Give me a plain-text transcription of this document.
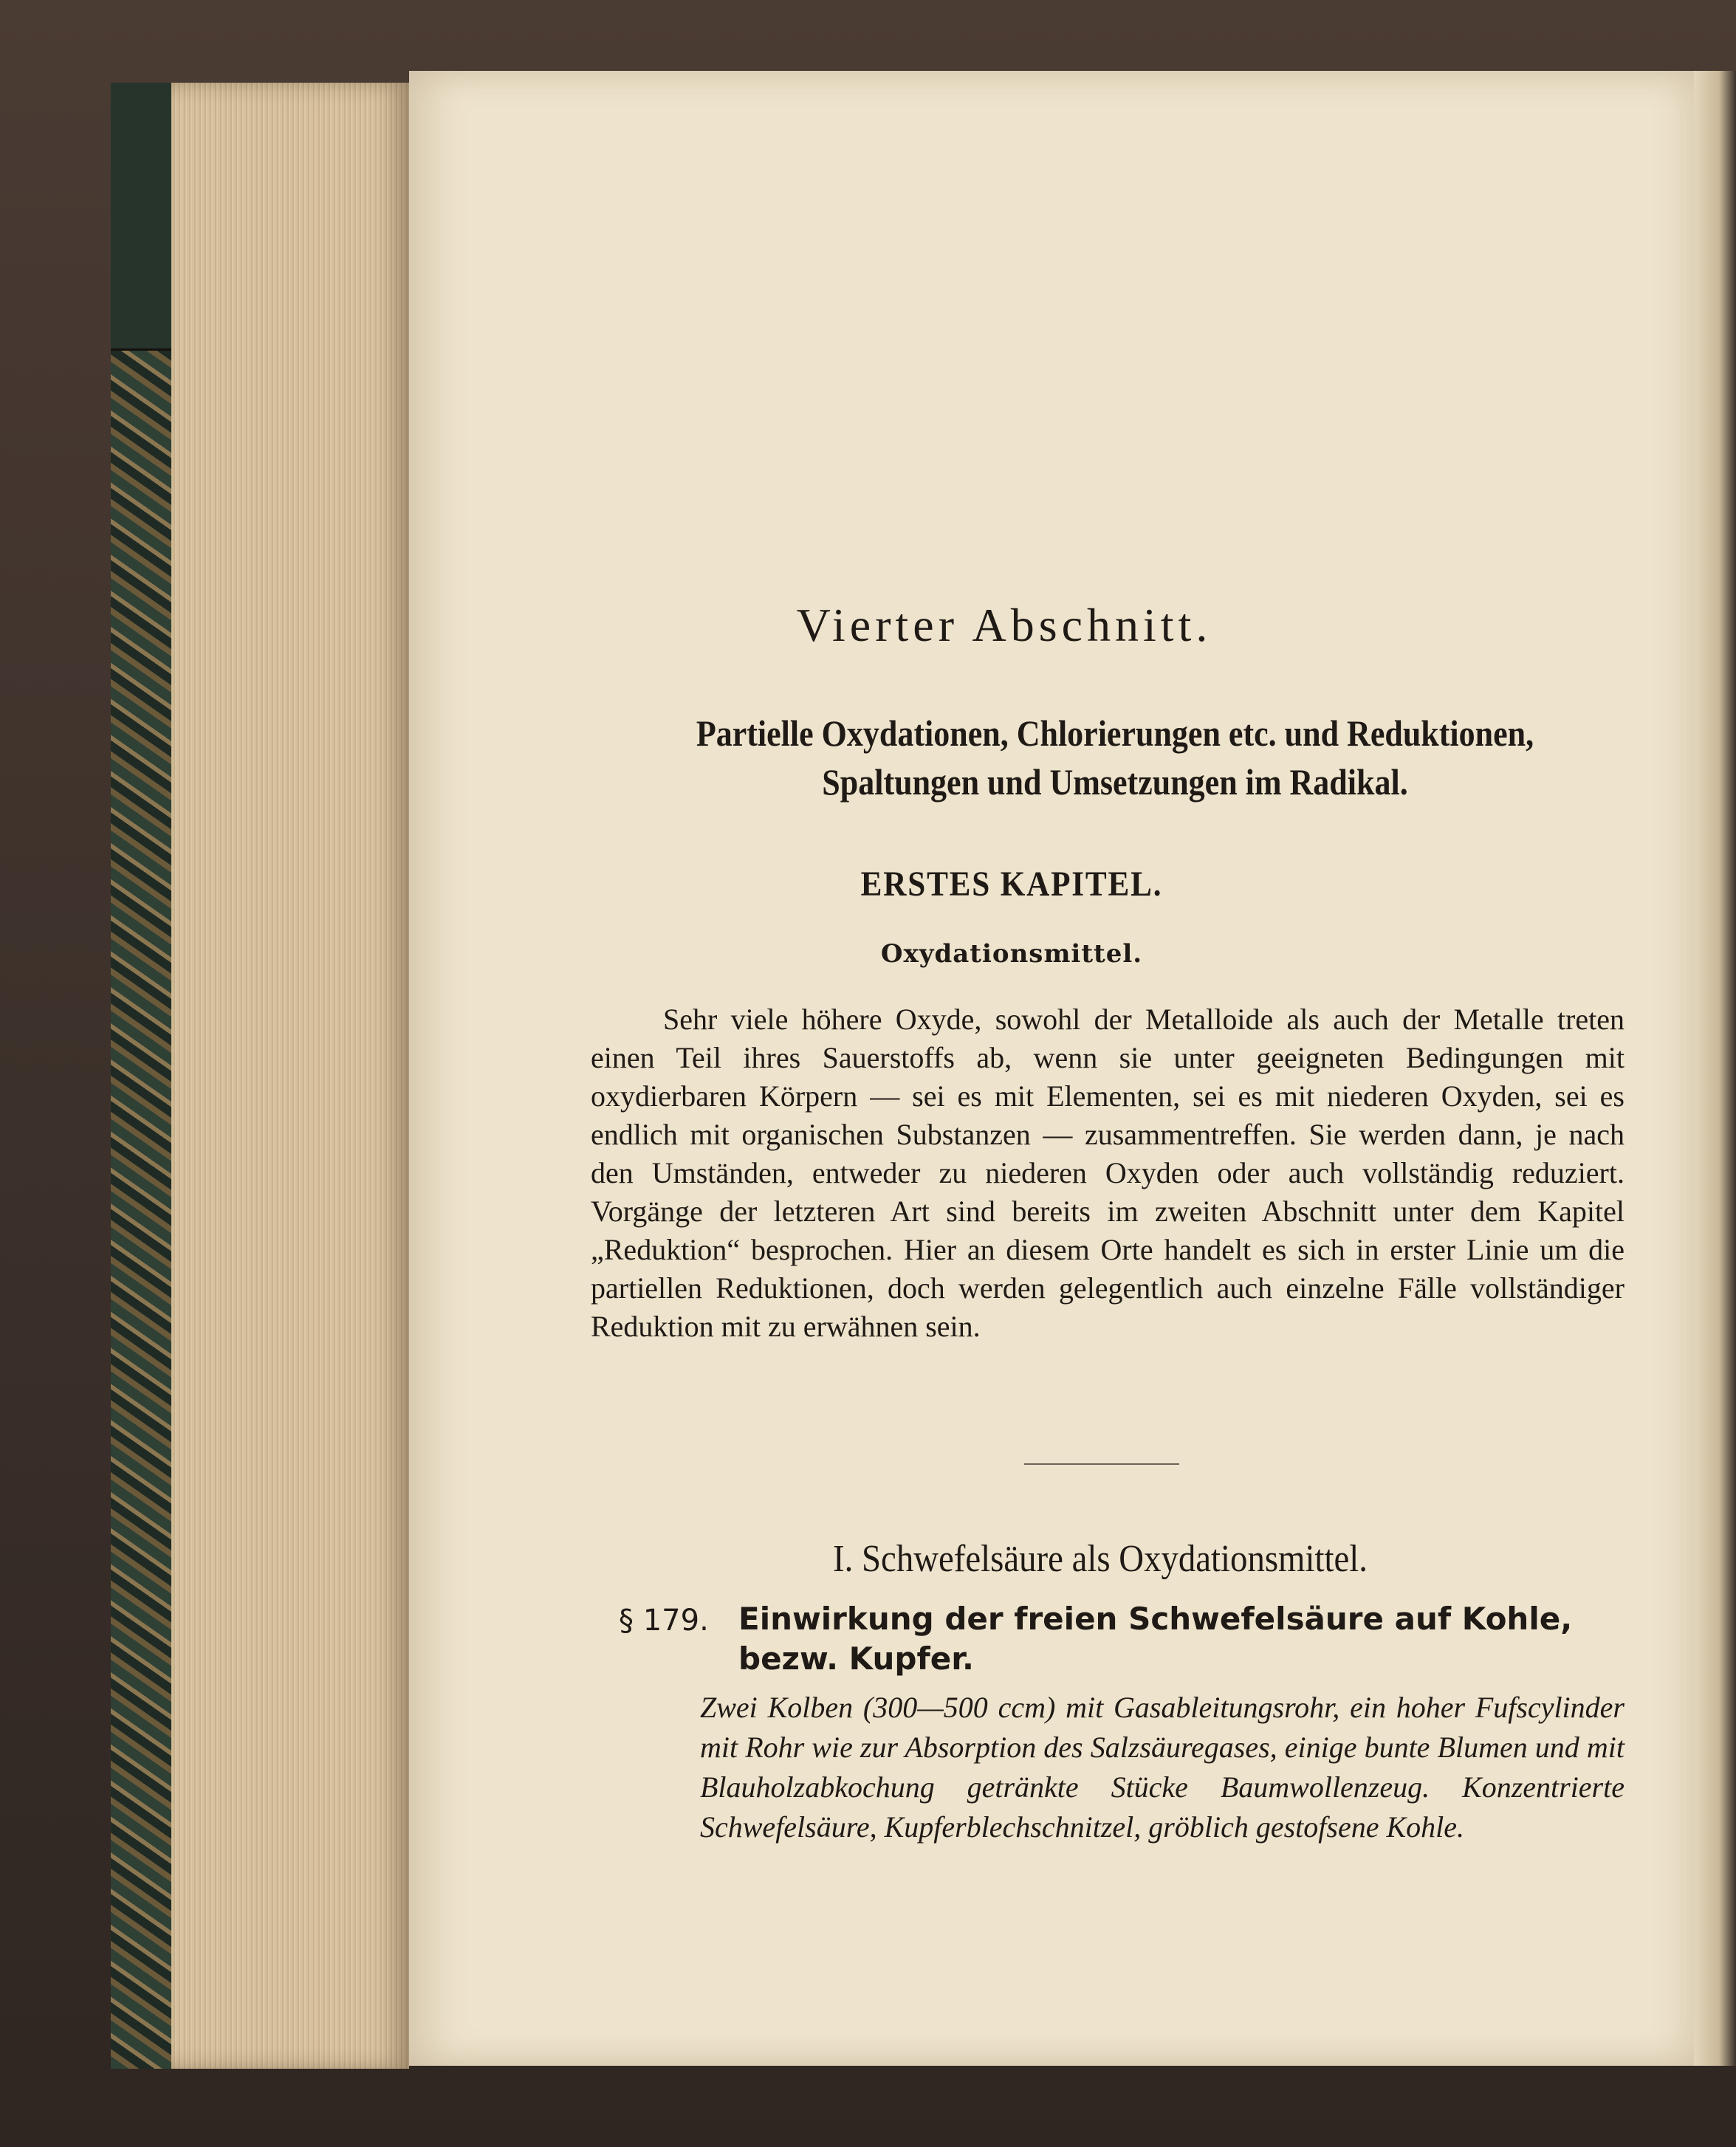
Vierter Abschnitt.
Partielle Oxydationen, Chlorierungen etc. und Reduktionen,
Spaltungen und Umsetzungen im Radikal.
ERSTES KAPITEL.
Oxydationsmittel.

Sehr viele höhere Oxyde, sowohl der Metalloide als auch der Metalle treten einen Teil ihres Sauerstoffs ab, wenn sie unter geeigneten Bedingungen mit oxydierbaren Körpern — sei es mit Elementen, sei es mit niederen Oxyden, sei es endlich mit organischen Substanzen — zusammentreffen. Sie werden dann, je nach den Umständen, entweder zu niederen Oxyden oder auch vollständig reduziert. Vorgänge der letzteren Art sind bereits im zweiten Abschnitt unter dem Kapitel „Reduktion“ besprochen. Hier an diesem Orte handelt es sich in erster Linie um die partiellen Reduktionen, doch werden gelegentlich auch einzelne Fälle vollständiger Reduktion mit zu erwähnen sein.

I. Schwefelsäure als Oxydationsmittel.
§ 179. Einwirkung der freien Schwefelsäure auf Kohle, bezw. Kupfer.

Zwei Kolben (300—500 ccm) mit Gasableitungsrohr, ein hoher Fufscylinder mit Rohr wie zur Absorption des Salzsäuregases, einige bunte Blumen und mit Blauholzabkochung getränkte Stücke Baumwollenzeug. Konzentrierte Schwefelsäure, Kupferblechschnitzel, gröblich gestofsene Kohle.
